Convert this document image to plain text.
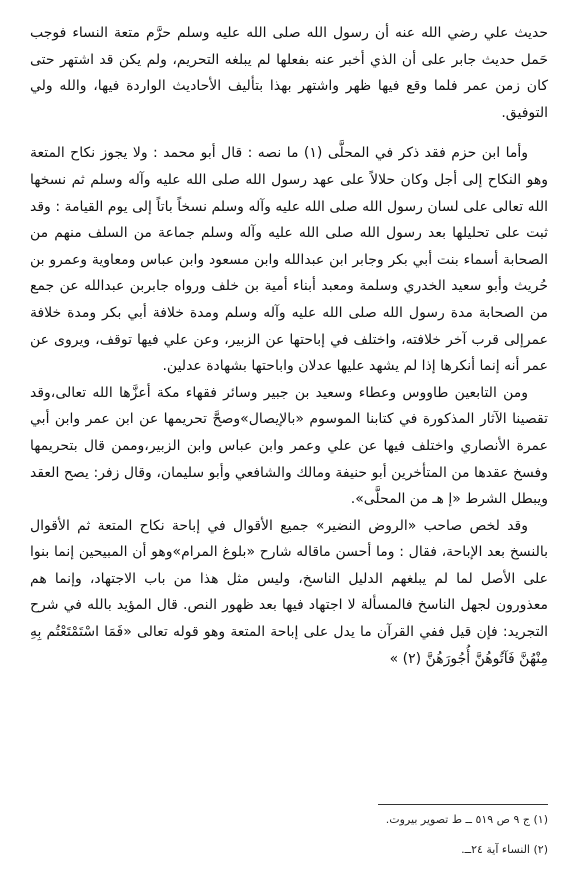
حديث علي رضي الله عنه أن رسول الله صلى الله عليه وسلم حرَّم متعة النساء فوجب حَمل حديث جابر على أن الذي أخبر عنه بفعلها لم يبلغه التحريم، ولم يكن قد اشتهر حتى كان زمن عمر فلما وقع فيها ظهر واشتهر بهذا بتأليف الأحاديث الواردة فيها، والله ولي التوفيق.

وأما ابن حزم فقد ذكر في المحلَّى (١) ما نصه : قال أبو محمد : ولا يجوز نكاح المتعة وهو النكاح إلى أجل وكان حلالاً على عهد رسول الله صلى الله عليه وآله وسلم ثم نسخها الله تعالى على لسان رسول الله صلى الله عليه وآله وسلم نسخاً باتاً إلى يوم القيامة : وقد ثبت على تحليلها بعد رسول الله صلى الله عليه وآله وسلم جماعة من السلف منهم من الصحابة أسماء بنت أبي بكر وجابر ابن عبدالله وابن مسعود وابن عباس ومعاوية وعمرو بن حُريث وأبو سعيد الخدري وسلمة ومعبد أبناء أمية بن خلف ورواه جابربن عبدالله عن جمع من الصحابة مدة رسول الله صلى الله عليه وآله وسلم ومدة خلافة أبي بكر ومدة خلافة عمرإلى قرب آخر خلافته، واختلف في إباحتها عن الزبير، وعن علي فيها توقف، ويروى عن عمر أنه إنما أنكرها إذا لم يشهد عليها عدلان واباحتها بشهادة عدلين.

ومن التابعين طاووس وعطاء وسعيد بن جبير وسائر فقهاء مكة أعزَّها الله تعالى،وقد تقصينا الآثار المذكورة في كتابنا الموسوم «بالإيصال»وصحَّ تحريمها عن ابن عمر وابن أبي عمرة الأنصاري واختلف فيها عن علي وعمر وابن عباس وابن الزبير،وممن قال بتحريمها وفسخ عقدها من المتأخرين أبو حنيفة ومالك والشافعي وأبو سليمان، وقال زفر: يصح العقد ويبطل الشرط «إ هـ من المحلَّى».

وقد لخص صاحب «الروض النضير» جميع الأقوال في إباحة نكاح المتعة ثم الأقوال بالنسخ بعد الإباحة، فقال : وما أحسن ماقاله شارح «بلوغ المرام»وهو أن المبيحين إنما بنوا على الأصل لما لم يبلغهم الدليل الناسخ، وليس مثل هذا من باب الاجتهاد، وإنما هم معذورون لجهل الناسخ فالمسألة لا اجتهاد فيها بعد ظهور النص. قال المؤيد بالله في شرح التجريد: فإن قيل ففي القرآن ما يدل على إباحة المتعة وهو قوله تعالى «فَمَا اسْتَمْتَعْتُم بِهِ مِنْهُنَّ فَآتُوهُنَّ أُجُورَهُنَّ (٢) »

(١) ج ٩ ص ٥١٩ ــ ط تصوير بيروت.

(٢) النساء آية ٢٤ــ.
